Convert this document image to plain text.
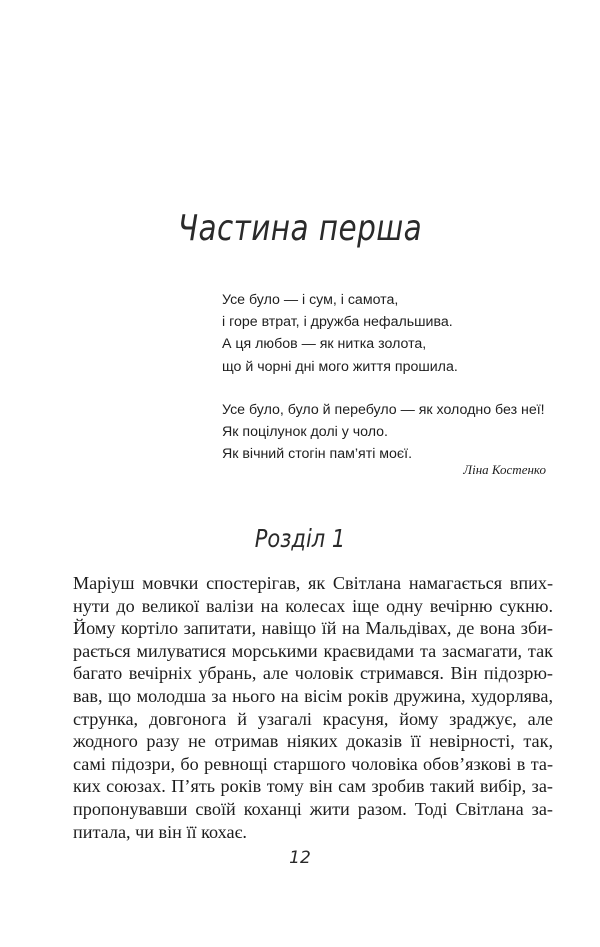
Частина перша

Усе було — і сум, і самота,
і горе втрат, і дружба нефальшива.
А ця любов — як нитка золота,
що й чорні дні мого життя прошила.

Усе було, було й перебуло — як холодно без неї!
Як поцілунок долі у чоло.
Як вічний стогін пам’яті моєї.

Ліна Костенко
Розділ 1
Маріуш мовчки спостерігав, як Світлана намагається впих-
нути до великої валізи на колесах іще одну вечірню сукню.
Йому кортіло запитати, навіщо їй на Мальдівах, де вона зби-
рається милуватися морськими краєвидами та засмагати, так
багато вечірніх убрань, але чоловік стримався. Він підозрю-
вав, що молодша за нього на вісім років дружина, худорлява,
струнка, довгонога й узагалі красуня, йому зраджує, але
жодного разу не отримав ніяких доказів її невірності, так,
самі підозри, бо ревнощі старшого чоловіка обов’язкові в та-
ких союзах. П’ять років тому він сам зробив такий вибір, за-
пропонувавши своїй коханці жити разом. Тоді Світлана за-
питала, чи він її кохає.
12
